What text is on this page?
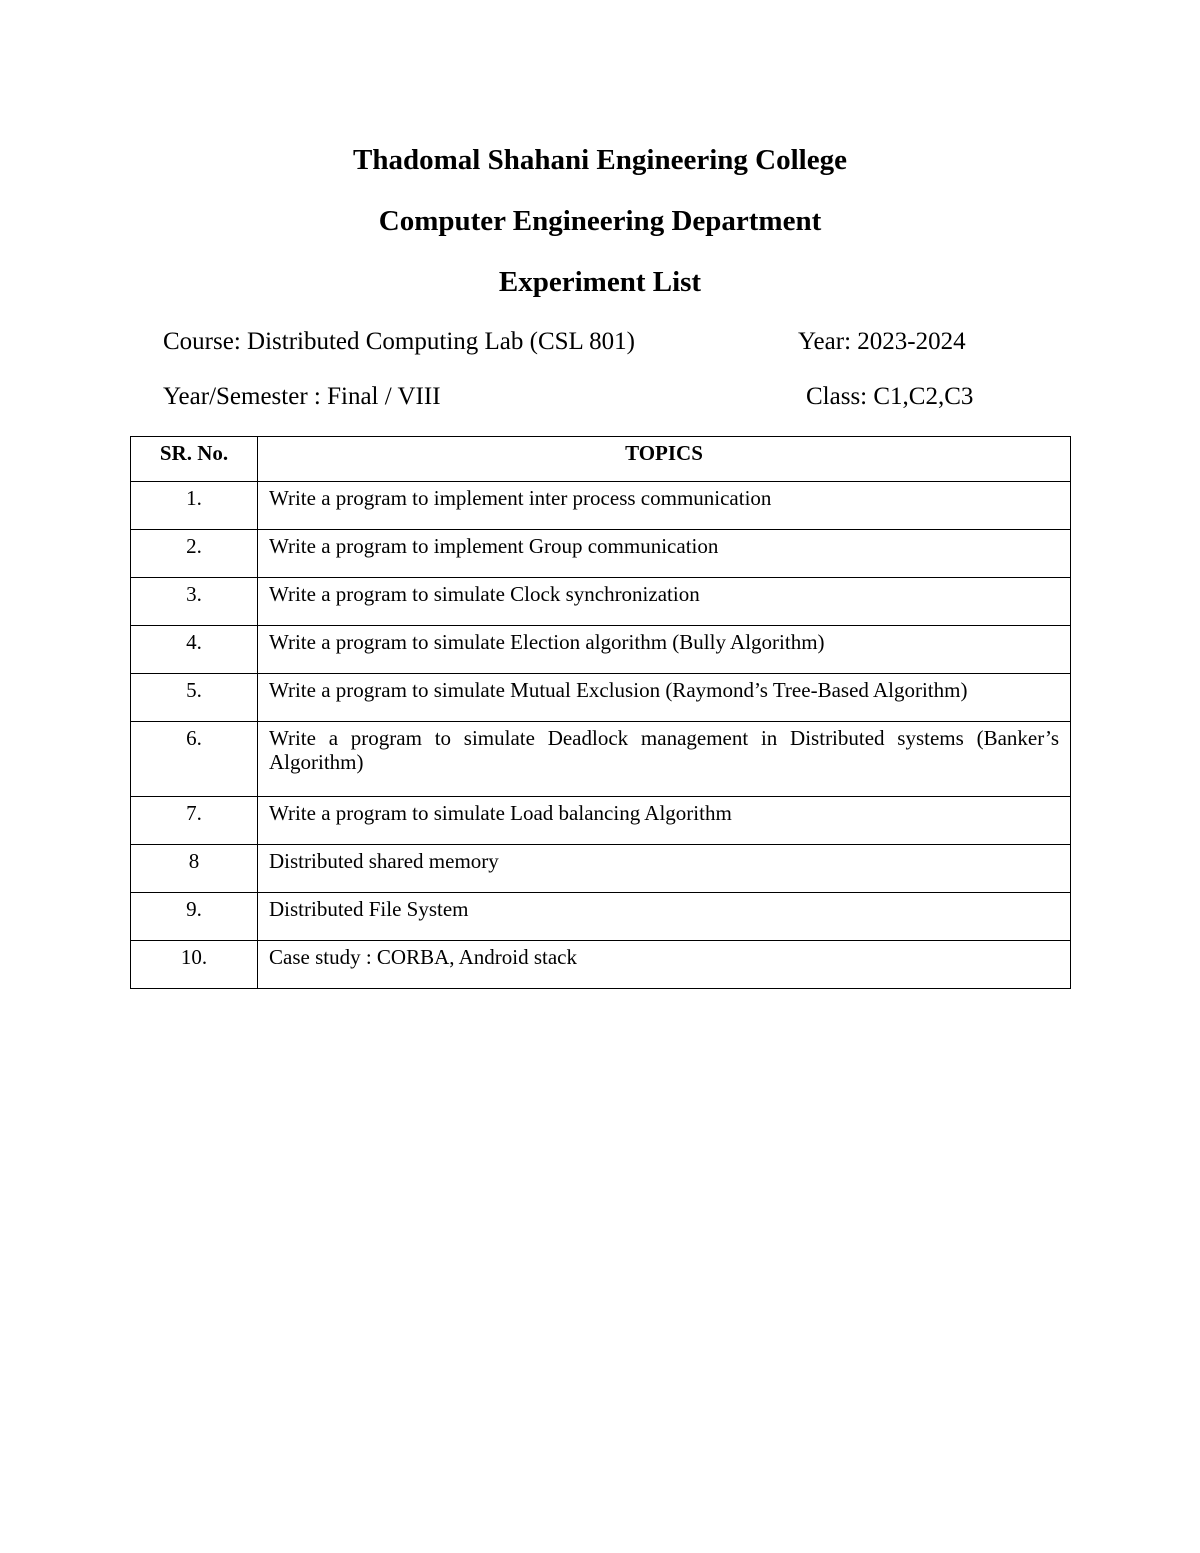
Thadomal Shahani Engineering College
Computer Engineering Department
Experiment List
Course: Distributed Computing Lab (CSL 801)	Year: 2023-2024
Year/Semester : Final / VIII	Class: C1,C2,C3
SR. No.	TOPICS
1.	Write a program to implement inter process communication
2.	Write a program to implement Group communication
3.	Write a program to simulate Clock synchronization
4.	Write a program to simulate Election algorithm (Bully Algorithm)
5.	Write a program to simulate Mutual Exclusion (Raymond’s Tree-Based Algorithm)
6.	Write a program to simulate Deadlock management in Distributed systems (Banker’s Algorithm)
7.	Write a program to simulate Load balancing Algorithm
8	Distributed shared memory
9.	Distributed File System
10.	Case study : CORBA, Android stack
